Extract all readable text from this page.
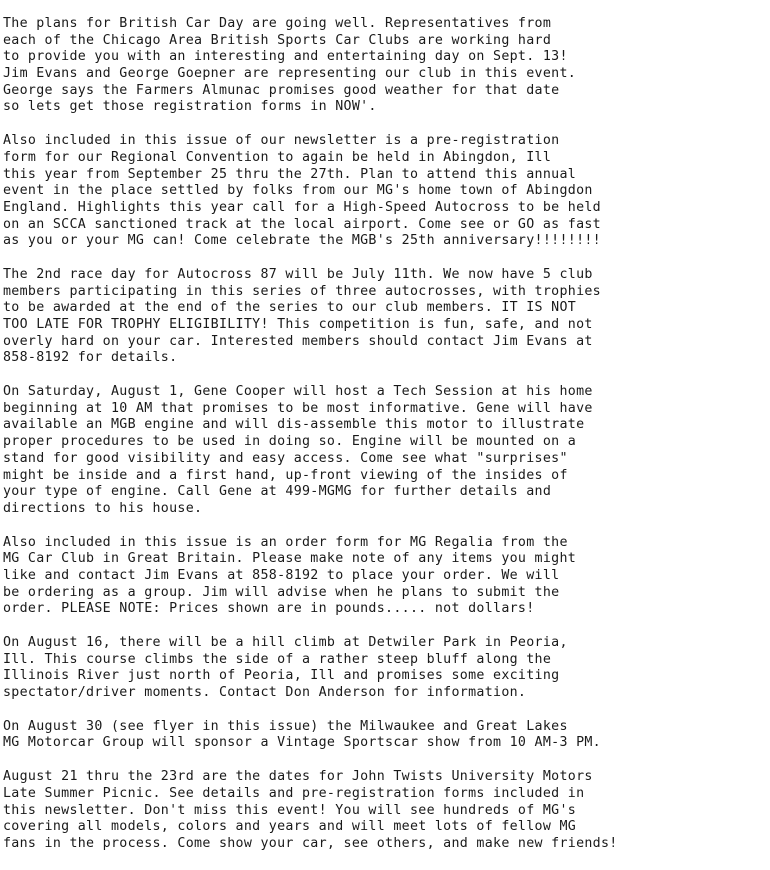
The plans for British Car Day are going well. Representatives from
each of the Chicago Area British Sports Car Clubs are working hard
to provide you with an interesting and entertaining day on Sept. 13!
Jim Evans and George Goepner are representing our club in this event.
George says the Farmers Almunac promises good weather for that date
so lets get those registration forms in NOW'.
Also included in this issue of our newsletter is a pre-registration
form for our Regional Convention to again be held in Abingdon, Ill
this year from September 25 thru the 27th. Plan to attend this annual
event in the place settled by folks from our MG's home town of Abingdon
England. Highlights this year call for a High-Speed Autocross to be held
on an SCCA sanctioned track at the local airport. Come see or GO as fast
as you or your MG can! Come celebrate the MGB's 25th anniversary!!!!!!!!
The 2nd race day for Autocross 87 will be July 11th. We now have 5 club
members participating in this series of three autocrosses, with trophies
to be awarded at the end of the series to our club members. IT IS NOT
TOO LATE FOR TROPHY ELIGIBILITY! This competition is fun, safe, and not
overly hard on your car. Interested members should contact Jim Evans at
858-8192 for details.
On Saturday, August 1, Gene Cooper will host a Tech Session at his home
beginning at 10 AM that promises to be most informative. Gene will have
available an MGB engine and will dis-assemble this motor to illustrate
proper procedures to be used in doing so. Engine will be mounted on a
stand for good visibility and easy access. Come see what "surprises"
might be inside and a first hand, up-front viewing of the insides of
your type of engine. Call Gene at 499-MGMG for further details and
directions to his house.
Also included in this issue is an order form for MG Regalia from the
MG Car Club in Great Britain. Please make note of any items you might
like and contact Jim Evans at 858-8192 to place your order. We will
be ordering as a group. Jim will advise when he plans to submit the
order. PLEASE NOTE: Prices shown are in pounds..... not dollars!
On August 16, there will be a hill climb at Detwiler Park in Peoria,
Ill. This course climbs the side of a rather steep bluff along the
Illinois River just north of Peoria, Ill and promises some exciting
spectator/driver moments. Contact Don Anderson for information.
On August 30 (see flyer in this issue) the Milwaukee and Great Lakes
MG Motorcar Group will sponsor a Vintage Sportscar show from 10 AM-3 PM.
August 21 thru the 23rd are the dates for John Twists University Motors
Late Summer Picnic. See details and pre-registration forms included in
this newsletter. Don't miss this event! You will see hundreds of MG's
covering all models, colors and years and will meet lots of fellow MG
fans in the process. Come show your car, see others, and make new friends!
